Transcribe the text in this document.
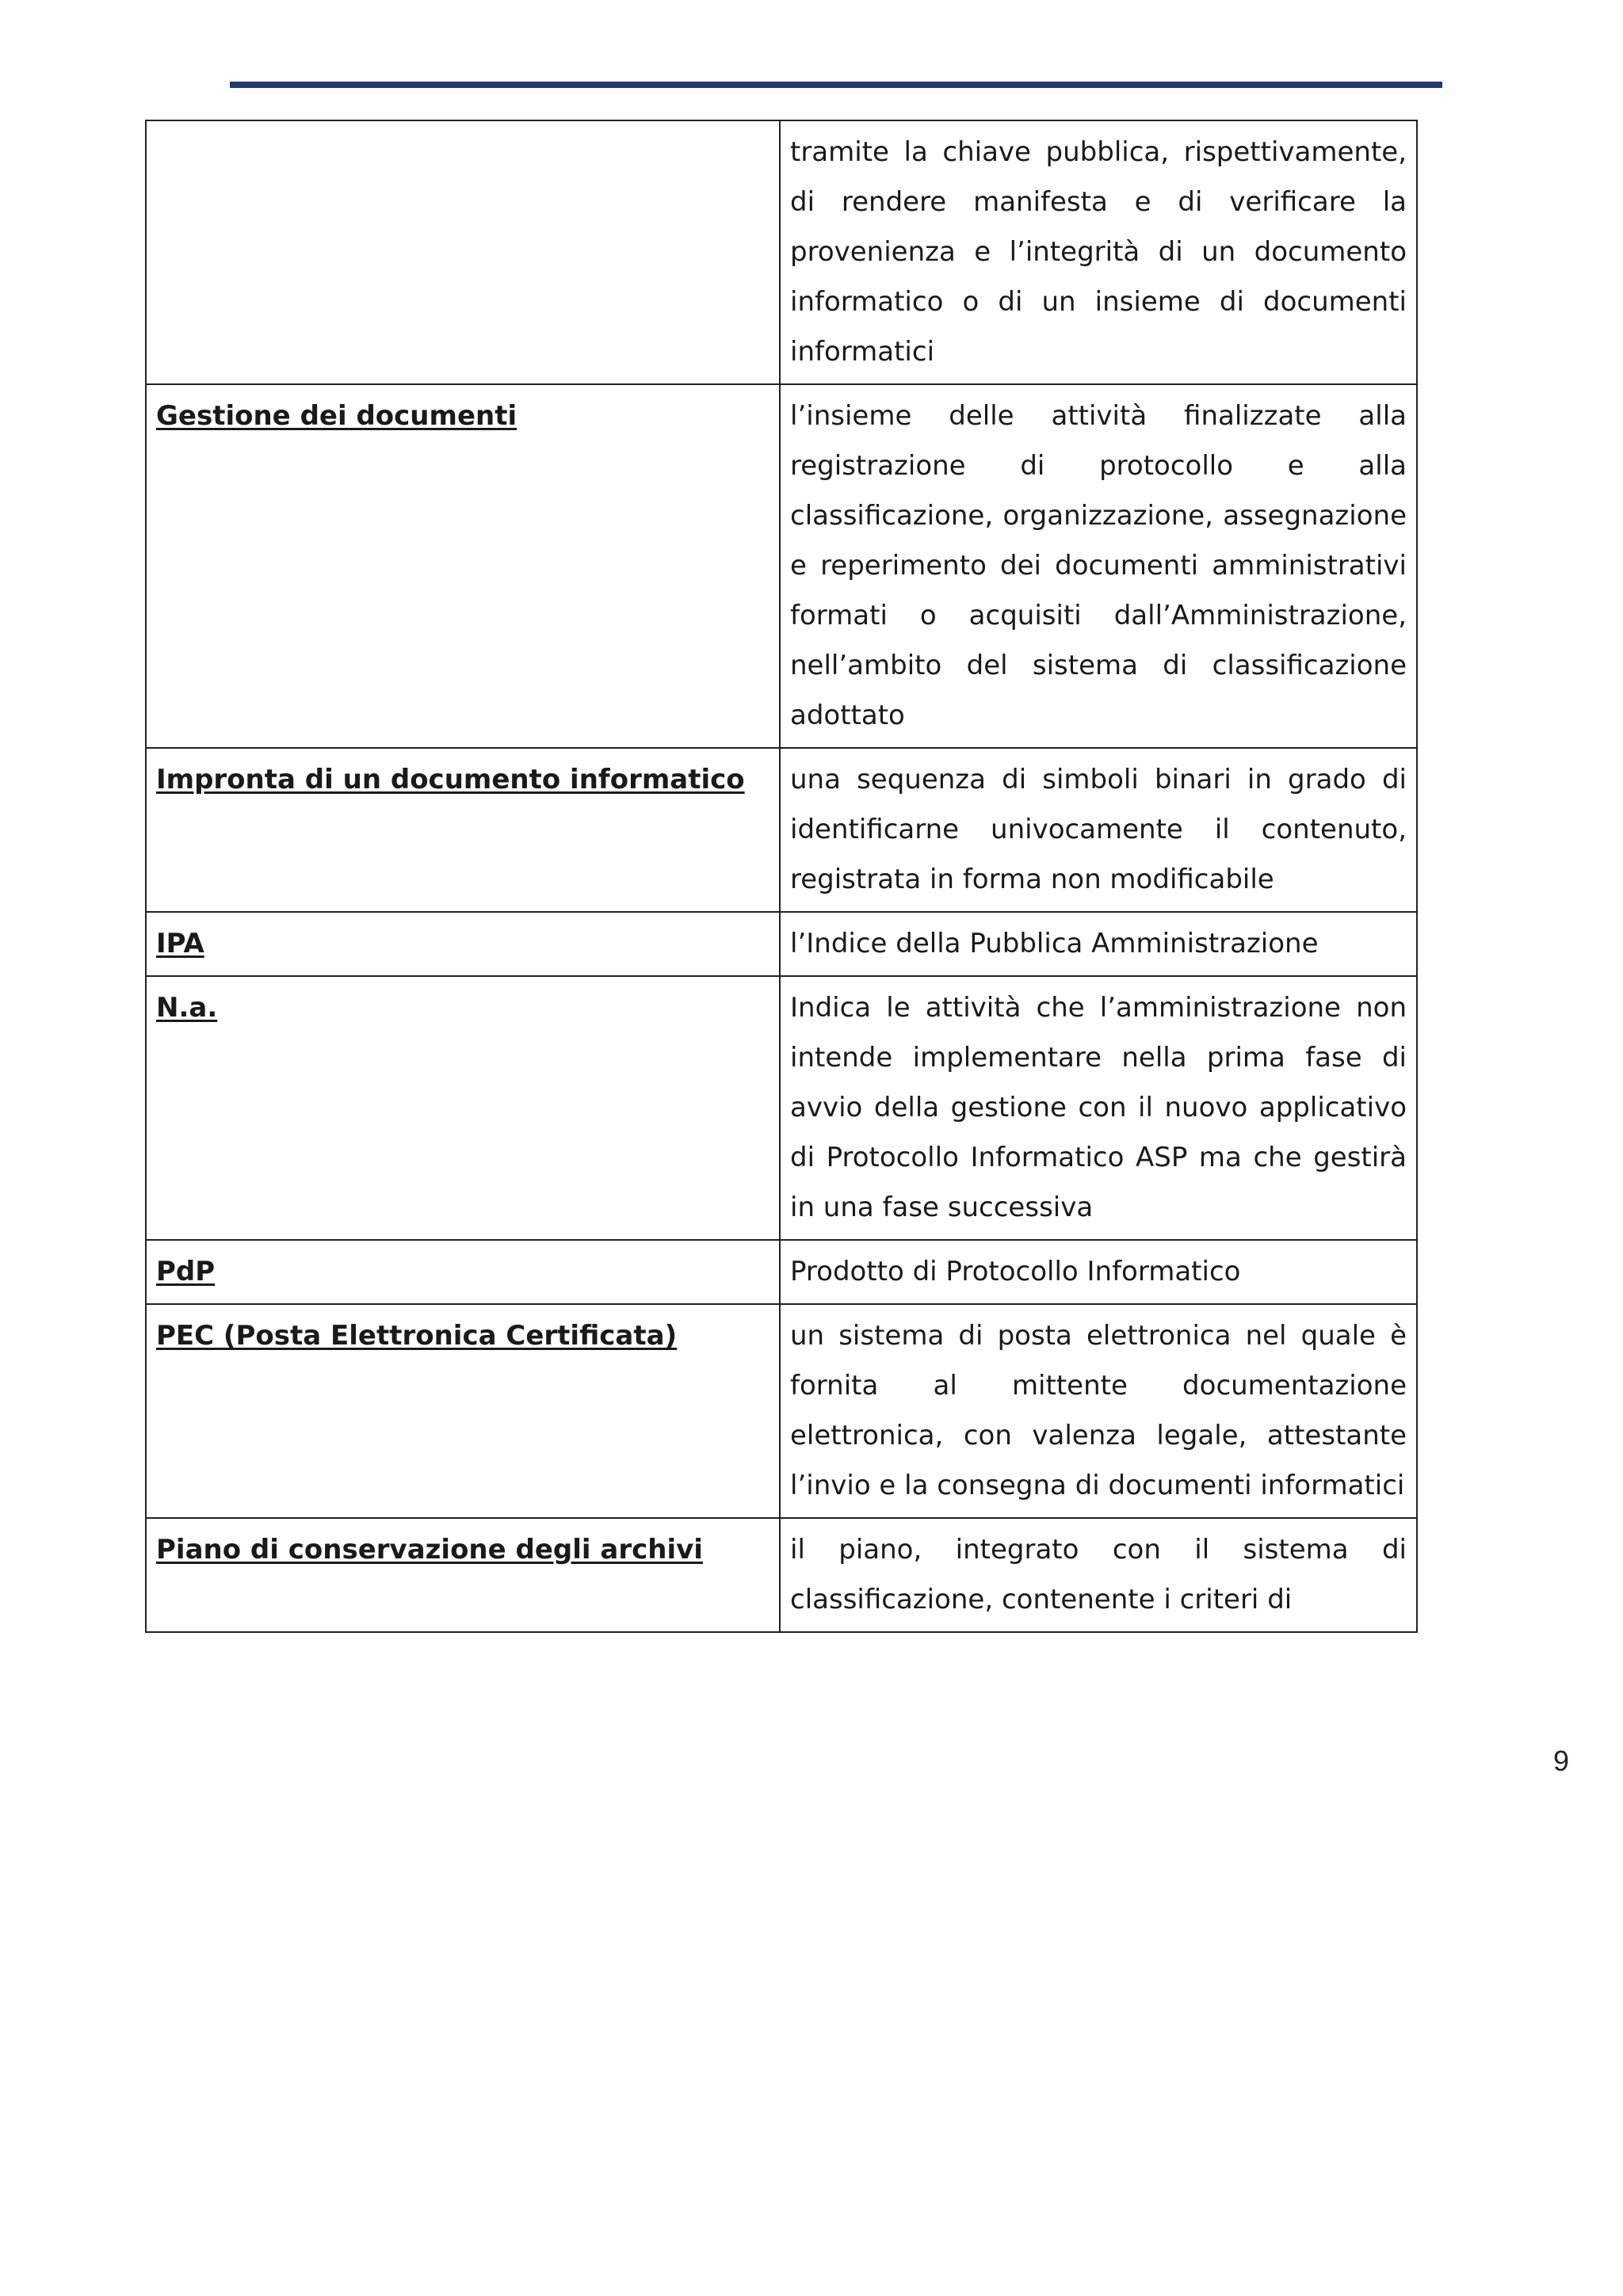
	tramite la chiave pubblica, rispettivamente, di rendere manifesta e di verificare la provenienza e l’integrità di un documento informatico o di un insieme di documenti informatici

Gestione dei documenti	l’insieme delle attività finalizzate alla registrazione di protocollo e alla classificazione, organizzazione, assegnazione e reperimento dei documenti amministrativi formati o acquisiti dall’Amministrazione, nell’ambito del sistema di classificazione adottato

Impronta di un documento informatico	una sequenza di simboli binari in grado di identificarne univocamente il contenuto, registrata in forma non modificabile

IPA	l’Indice della Pubblica Amministrazione

N.a.	Indica le attività che l’amministrazione non intende implementare nella prima fase di avvio della gestione con il nuovo applicativo di Protocollo Informatico ASP ma che gestirà in una fase successiva

PdP	Prodotto di Protocollo Informatico

PEC (Posta Elettronica Certificata)	un sistema di posta elettronica nel quale è fornita al mittente documentazione elettronica, con valenza legale, attestante l’invio e la consegna di documenti informatici

Piano di conservazione degli archivi	il piano, integrato con il sistema di classificazione, contenente i criteri di
9
